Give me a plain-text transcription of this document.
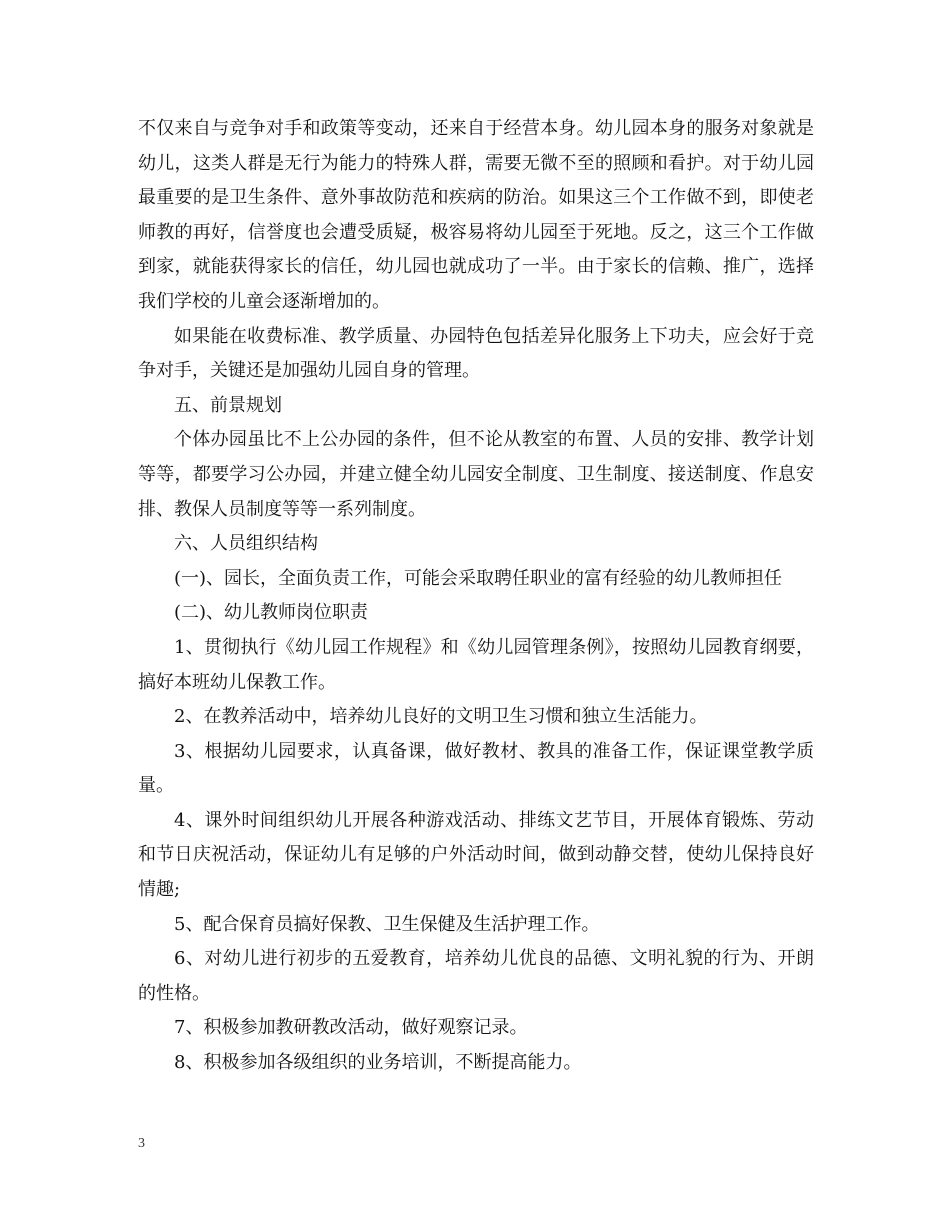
不仅来自与竞争对手和政策等变动，还来自于经营本身。幼儿园本身的服务对象就是幼儿，这类人群是无行为能力的特殊人群，需要无微不至的照顾和看护。对于幼儿园最重要的是卫生条件、意外事故防范和疾病的防治。如果这三个工作做不到，即使老师教的再好，信誉度也会遭受质疑，极容易将幼儿园至于死地。反之，这三个工作做到家，就能获得家长的信任，幼儿园也就成功了一半。由于家长的信赖、推广，选择我们学校的儿童会逐渐增加的。

如果能在收费标准、教学质量、办园特色包括差异化服务上下功夫，应会好于竞争对手，关键还是加强幼儿园自身的管理。

五、前景规划

个体办园虽比不上公办园的条件，但不论从教室的布置、人员的安排、教学计划等等，都要学习公办园，并建立健全幼儿园安全制度、卫生制度、接送制度、作息安排、教保人员制度等等一系列制度。

六、人员组织结构

(一)、园长，全面负责工作，可能会采取聘任职业的富有经验的幼儿教师担任

(二)、幼儿教师岗位职责

1、贯彻执行《幼儿园工作规程》和《幼儿园管理条例》，按照幼儿园教育纲要，搞好本班幼儿保教工作。

2、在教养活动中，培养幼儿良好的文明卫生习惯和独立生活能力。

3、根据幼儿园要求，认真备课，做好教材、教具的准备工作，保证课堂教学质量。

4、课外时间组织幼儿开展各种游戏活动、排练文艺节目，开展体育锻炼、劳动和节日庆祝活动，保证幼儿有足够的户外活动时间，做到动静交替，使幼儿保持良好情趣;

5、配合保育员搞好保教、卫生保健及生活护理工作。

6、对幼儿进行初步的五爱教育，培养幼儿优良的品德、文明礼貌的行为、开朗的性格。

7、积极参加教研教改活动，做好观察记录。

8、积极参加各级组织的业务培训，不断提高能力。

3
